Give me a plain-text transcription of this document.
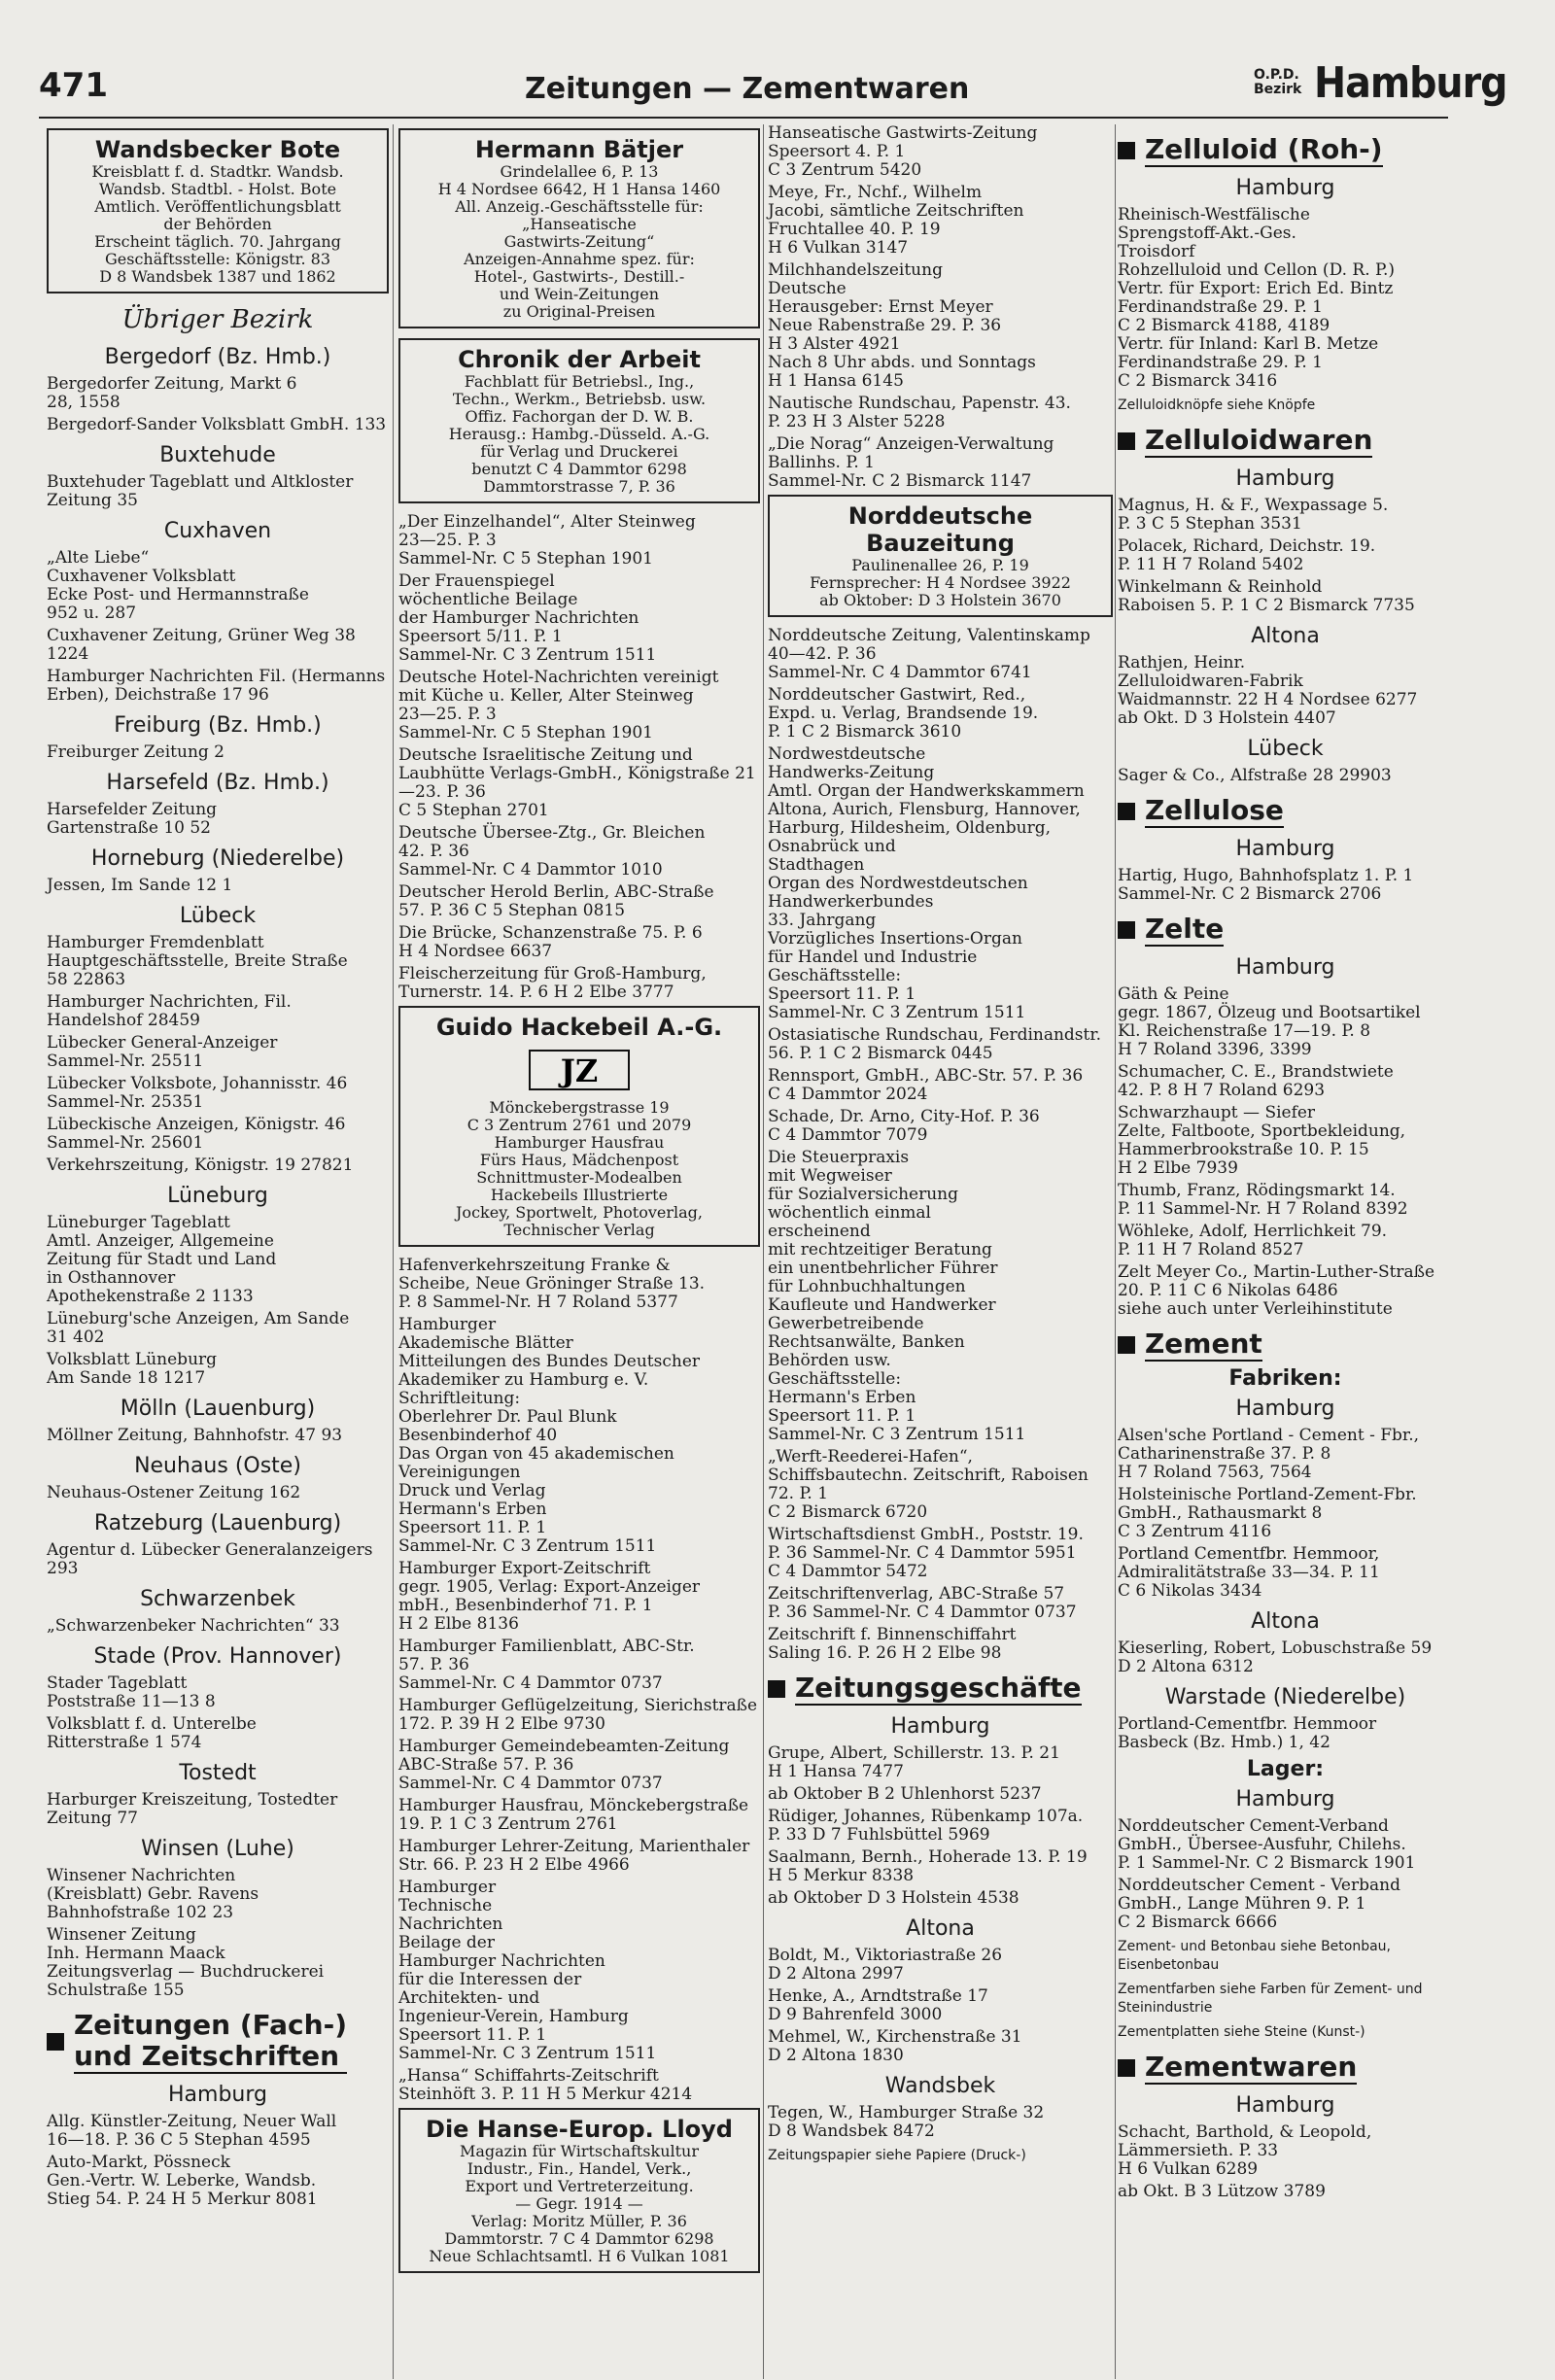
471	Zeitungen — Zementwaren	O.P.D.
Bezirk Hamburg
Wandsbecker Bote
Kreisblatt f. d. Stadtkr. Wandsb.
Wandsb. Stadtbl. - Holst. Bote
Amtlich. Veröffentlichungsblatt
der Behörden
Erscheint täglich. 70. Jahrgang
Geschäftsstelle: Königstr. 83
D 8 Wandsbek 1387 und 1862
Übriger Bezirk
Bergedorf (Bz. Hmb.)
Bergedorfer Zeitung, Markt 6
28, 1558
Bergedorf-Sander Volksblatt GmbH. 133
Buxtehude
Buxtehuder Tageblatt und Altkloster
Zeitung 35
Cuxhaven
„Alte Liebe“
Cuxhavener Volksblatt
Ecke Post- und Hermannstraße
952 u. 287
Cuxhavener Zeitung, Grüner Weg 38 1224
Hamburger Nachrichten Fil. (Hermanns Erben), Deichstraße 17 96
Freiburg (Bz. Hmb.)
Freiburger Zeitung 2
Harsefeld (Bz. Hmb.)
Harsefelder Zeitung
Gartenstraße 10 52
Horneburg (Niederelbe)
Jessen, Im Sande 12 1
Lübeck
Hamburger Fremdenblatt
Hauptgeschäftsstelle, Breite Straße
58 22863
Hamburger Nachrichten, Fil. Handelshof 28459
Lübecker General-Anzeiger
Sammel-Nr. 25511
Lübecker Volksbote, Johannisstr. 46
Sammel-Nr. 25351
Lübeckische Anzeigen, Königstr. 46
Sammel-Nr. 25601
Verkehrszeitung, Königstr. 19 27821
Lüneburg
Lüneburger Tageblatt
Amtl. Anzeiger, Allgemeine
Zeitung für Stadt und Land
in Osthannover
Apothekenstraße 2 1133
Lüneburg'sche Anzeigen, Am Sande
31 402
Volksblatt Lüneburg
Am Sande 18 1217
Mölln (Lauenburg)
Möllner Zeitung, Bahnhofstr. 47 93
Neuhaus (Oste)
Neuhaus-Ostener Zeitung 162
Ratzeburg (Lauenburg)
Agentur d. Lübecker Generalanzeigers 293
Schwarzenbek
„Schwarzenbeker Nachrichten“ 33
Stade (Prov. Hannover)
Stader Tageblatt
Poststraße 11—13 8
Volksblatt f. d. Unterelbe
Ritterstraße 1 574
Tostedt
Harburger Kreiszeitung, Tostedter
Zeitung 77
Winsen (Luhe)
Winsener Nachrichten
(Kreisblatt) Gebr. Ravens
Bahnhofstraße 102 23
Winsener Zeitung
Inh. Hermann Maack
Zeitungsverlag — Buchdruckerei
Schulstraße 155
Zeitungen (Fach-)
und Zeitschriften
Hamburg
Allg. Künstler-Zeitung, Neuer Wall
16—18. P. 36 C 5 Stephan 4595
Auto-Markt, Pössneck
Gen.-Vertr. W. Leberke, Wandsb.
Stieg 54. P. 24 H 5 Merkur 8081
Hermann Bätjer
Grindelallee 6, P. 13
H 4 Nordsee 6642, H 1 Hansa 1460
All. Anzeig.-Geschäftsstelle für:
„Hanseatische
Gastwirts-Zeitung“
Anzeigen-Annahme spez. für:
Hotel-, Gastwirts-, Destill.-
und Wein-Zeitungen
zu Original-Preisen
Chronik der Arbeit
Fachblatt für Betriebsl., Ing.,
Techn., Werkm., Betriebsb. usw.
Offiz. Fachorgan der D. W. B.
Herausg.: Hambg.-Düsseld. A.-G.
für Verlag und Druckerei
benutzt C 4 Dammtor 6298
Dammtorstrasse 7, P. 36
„Der Einzelhandel“, Alter Steinweg
23—25. P. 3
Sammel-Nr. C 5 Stephan 1901
Der Frauenspiegel
wöchentliche Beilage
der Hamburger Nachrichten
Speersort 5/11. P. 1
Sammel-Nr. C 3 Zentrum 1511
Deutsche Hotel-Nachrichten vereinigt
mit Küche u. Keller, Alter Steinweg
23—25. P. 3
Sammel-Nr. C 5 Stephan 1901
Deutsche Israelitische Zeitung und
Laubhütte Verlags-GmbH., Königstraße 21—23. P. 36
C 5 Stephan 2701
Deutsche Übersee-Ztg., Gr. Bleichen
42. P. 36
Sammel-Nr. C 4 Dammtor 1010
Deutscher Herold Berlin, ABC-Straße
57. P. 36 C 5 Stephan 0815
Die Brücke, Schanzenstraße 75. P. 6
H 4 Nordsee 6637
Fleischerzeitung für Groß-Hamburg,
Turnerstr. 14. P. 6 H 2 Elbe 3777
Guido Hackebeil A.-G.
JZ
Mönckebergstrasse 19
C 3 Zentrum 2761 und 2079
Hamburger Hausfrau
Fürs Haus, Mädchenpost
Schnittmuster-Modealben
Hackebeils Illustrierte
Jockey, Sportwelt, Photoverlag, Technischer Verlag
Hafenverkehrszeitung Franke &
Scheibe, Neue Gröninger Straße 13.
P. 8 Sammel-Nr. H 7 Roland 5377
Hamburger
Akademische Blätter
Mitteilungen des Bundes Deutscher
Akademiker zu Hamburg e. V.
Schriftleitung:
Oberlehrer Dr. Paul Blunk
Besenbinderhof 40
Das Organ von 45 akademischen
Vereinigungen
Druck und Verlag
Hermann's Erben
Speersort 11. P. 1
Sammel-Nr. C 3 Zentrum 1511
Hamburger Export-Zeitschrift
gegr. 1905, Verlag: Export-Anzeiger
mbH., Besenbinderhof 71. P. 1
H 2 Elbe 8136
Hamburger Familienblatt, ABC-Str.
57. P. 36
Sammel-Nr. C 4 Dammtor 0737
Hamburger Geflügelzeitung, Sierichstraße 172. P. 39 H 2 Elbe 9730
Hamburger Gemeindebeamten-Zeitung
ABC-Straße 57. P. 36
Sammel-Nr. C 4 Dammtor 0737
Hamburger Hausfrau, Mönckebergstraße 19. P. 1 C 3 Zentrum 2761
Hamburger Lehrer-Zeitung, Marienthaler Str. 66. P. 23 H 2 Elbe 4966
Hamburger
Technische
Nachrichten
Beilage der
Hamburger Nachrichten
für die Interessen der
Architekten- und
Ingenieur-Verein, Hamburg
Speersort 11. P. 1
Sammel-Nr. C 3 Zentrum 1511
„Hansa“ Schiffahrts-Zeitschrift
Steinhöft 3. P. 11 H 5 Merkur 4214
Die Hanse-Europ. Lloyd
Magazin für Wirtschaftskultur
Industr., Fin., Handel, Verk.,
Export und Vertreterzeitung.
— Gegr. 1914 —
Verlag: Moritz Müller, P. 36
Dammtorstr. 7 C 4 Dammtor 6298
Neue Schlachtsamtl. H 6 Vulkan 1081
Hanseatische Gastwirts-Zeitung
Speersort 4. P. 1
C 3 Zentrum 5420
Meye, Fr., Nchf., Wilhelm
Jacobi, sämtliche Zeitschriften
Fruchtallee 40. P. 19
H 6 Vulkan 3147
Milchhandelszeitung
Deutsche
Herausgeber: Ernst Meyer
Neue Rabenstraße 29. P. 36
H 3 Alster 4921
Nach 8 Uhr abds. und Sonntags
H 1 Hansa 6145
Nautische Rundschau, Papenstr. 43.
P. 23 H 3 Alster 5228
„Die Norag“ Anzeigen-Verwaltung
Ballinhs. P. 1
Sammel-Nr. C 2 Bismarck 1147
Norddeutsche Bauzeitung
Paulinenallee 26, P. 19
Fernsprecher: H 4 Nordsee 3922
ab Oktober: D 3 Holstein 3670
Norddeutsche Zeitung, Valentinskamp
40—42. P. 36
Sammel-Nr. C 4 Dammtor 6741
Norddeutscher Gastwirt, Red.,
Expd. u. Verlag, Brandsende 19.
P. 1 C 2 Bismarck 3610
Nordwestdeutsche
Handwerks-Zeitung
Amtl. Organ der Handwerkskammern Altona, Aurich, Flensburg, Hannover, Harburg, Hildesheim, Oldenburg, Osnabrück und
Stadthagen
Organ des Nordwestdeutschen
Handwerkerbundes
33. Jahrgang
Vorzügliches Insertions-Organ
für Handel und Industrie
Geschäftsstelle:
Speersort 11. P. 1
Sammel-Nr. C 3 Zentrum 1511
Ostasiatische Rundschau, Ferdinandstr. 56. P. 1 C 2 Bismarck 0445
Rennsport, GmbH., ABC-Str. 57. P. 36
C 4 Dammtor 2024
Schade, Dr. Arno, City-Hof. P. 36
C 4 Dammtor 7079
Die Steuerpraxis
mit Wegweiser
für Sozialversicherung
wöchentlich einmal
erscheinend
mit rechtzeitiger Beratung
ein unentbehrlicher Führer
für Lohnbuchhaltungen
Kaufleute und Handwerker
Gewerbetreibende
Rechtsanwälte, Banken
Behörden usw.
Geschäftsstelle:
Hermann's Erben
Speersort 11. P. 1
Sammel-Nr. C 3 Zentrum 1511
„Werft-Reederei-Hafen“, Schiffsbautechn. Zeitschrift, Raboisen 72. P. 1
C 2 Bismarck 6720
Wirtschaftsdienst GmbH., Poststr. 19.
P. 36 Sammel-Nr. C 4 Dammtor 5951
C 4 Dammtor 5472
Zeitschriftenverlag, ABC-Straße 57
P. 36 Sammel-Nr. C 4 Dammtor 0737
Zeitschrift f. Binnenschiffahrt
Saling 16. P. 26 H 2 Elbe 98
Zeitungsgeschäfte
Hamburg
Grupe, Albert, Schillerstr. 13. P. 21
H 1 Hansa 7477
ab Oktober B 2 Uhlenhorst 5237
Rüdiger, Johannes, Rübenkamp 107a.
P. 33 D 7 Fuhlsbüttel 5969
Saalmann, Bernh., Hoherade 13. P. 19
H 5 Merkur 8338
ab Oktober D 3 Holstein 4538
Altona
Boldt, M., Viktoriastraße 26
D 2 Altona 2997
Henke, A., Arndtstraße 17
D 9 Bahrenfeld 3000
Mehmel, W., Kirchenstraße 31
D 2 Altona 1830
Wandsbek
Tegen, W., Hamburger Straße 32
D 8 Wandsbek 8472
Zeitungspapier siehe Papiere (Druck-)
Zelluloid (Roh-)
Hamburg
Rheinisch-Westfälische
Sprengstoff-Akt.-Ges.
Troisdorf
Rohzelluloid und Cellon (D. R. P.)
Vertr. für Export: Erich Ed. Bintz
Ferdinandstraße 29. P. 1
C 2 Bismarck 4188, 4189
Vertr. für Inland: Karl B. Metze
Ferdinandstraße 29. P. 1
C 2 Bismarck 3416
Zelluloidknöpfe siehe Knöpfe
Zelluloidwaren
Hamburg
Magnus, H. & F., Wexpassage 5.
P. 3 C 5 Stephan 3531
Polacek, Richard, Deichstr. 19.
P. 11 H 7 Roland 5402
Winkelmann & Reinhold
Raboisen 5. P. 1 C 2 Bismarck 7735
Altona
Rathjen, Heinr.
Zelluloidwaren-Fabrik
Waidmannstr. 22 H 4 Nordsee 6277
ab Okt. D 3 Holstein 4407
Lübeck
Sager & Co., Alfstraße 28 29903
Zellulose
Hamburg
Hartig, Hugo, Bahnhofsplatz 1. P. 1
Sammel-Nr. C 2 Bismarck 2706
Zelte
Hamburg
Gäth & Peine
gegr. 1867, Ölzeug und Bootsartikel
Kl. Reichenstraße 17—19. P. 8
H 7 Roland 3396, 3399
Schumacher, C. E., Brandstwiete
42. P. 8 H 7 Roland 6293
Schwarzhaupt — Siefer
Zelte, Faltboote, Sportbekleidung,
Hammerbrookstraße 10. P. 15
H 2 Elbe 7939
Thumb, Franz, Rödingsmarkt 14.
P. 11 Sammel-Nr. H 7 Roland 8392
Wöhleke, Adolf, Herrlichkeit 79.
P. 11 H 7 Roland 8527
Zelt Meyer Co., Martin-Luther-Straße 20. P. 11 C 6 Nikolas 6486
siehe auch unter Verleihinstitute
Zement
Fabriken:
Hamburg
Alsen'sche Portland - Cement - Fbr.,
Catharinenstraße 37. P. 8
H 7 Roland 7563, 7564
Holsteinische Portland-Zement-Fbr.
GmbH., Rathausmarkt 8
C 3 Zentrum 4116
Portland Cementfbr. Hemmoor, Admiralitätstraße 33—34. P. 11
C 6 Nikolas 3434
Altona
Kieserling, Robert, Lobuschstraße 59
D 2 Altona 6312
Warstade (Niederelbe)
Portland-Cementfbr. Hemmoor
Basbeck (Bz. Hmb.) 1, 42
Lager:
Hamburg
Norddeutscher Cement-Verband
GmbH., Übersee-Ausfuhr, Chilehs.
P. 1 Sammel-Nr. C 2 Bismarck 1901
Norddeutscher Cement - Verband
GmbH., Lange Mühren 9. P. 1
C 2 Bismarck 6666
Zement- und Betonbau siehe Betonbau, Eisenbetonbau
Zementfarben siehe Farben für Zement- und Steinindustrie
Zementplatten siehe Steine (Kunst-)
Zementwaren
Hamburg
Schacht, Barthold, & Leopold,
Lämmersieth. P. 33
H 6 Vulkan 6289
ab Okt. B 3 Lützow 3789
